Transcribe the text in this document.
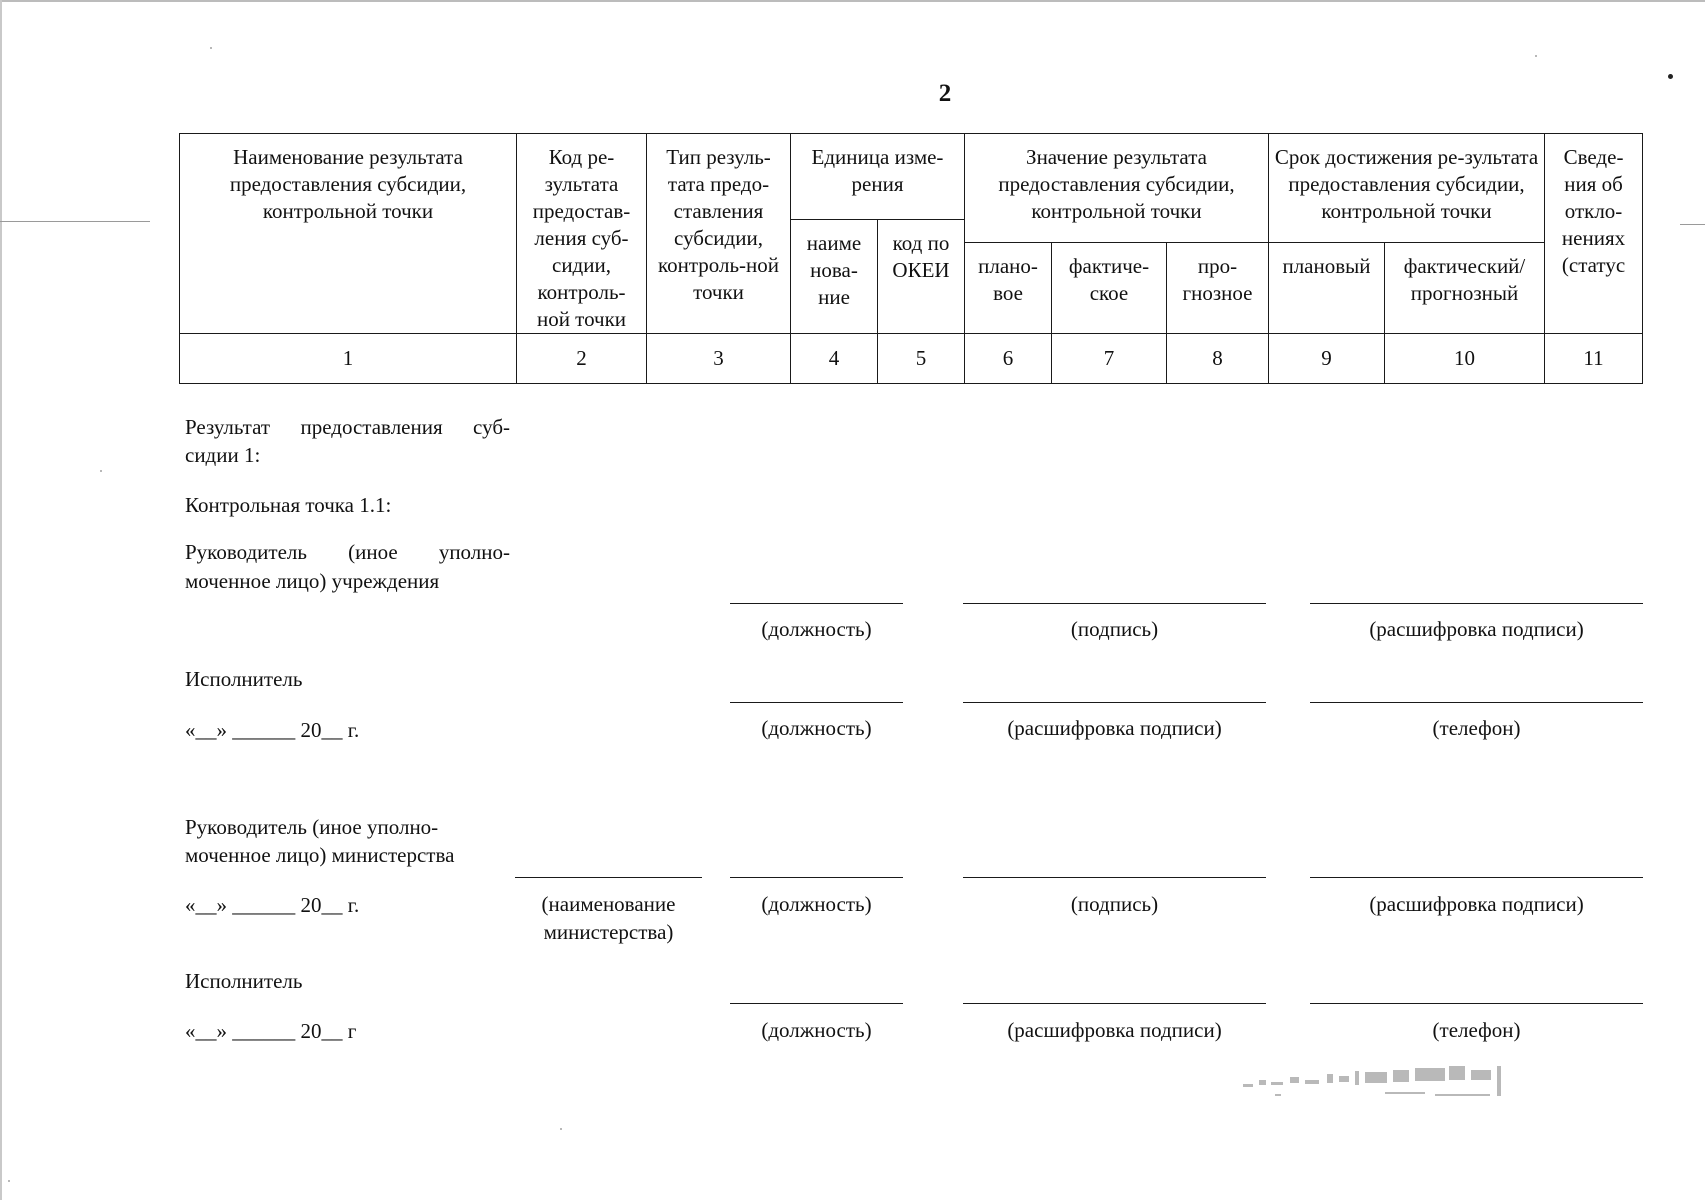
2
Наименование результата предоставления субсидии, контрольной точки	Код ре-зультата предостав-ления суб-сидии, контроль-ной точки	Тип резуль-тата предо-ставления субсидии, контроль-ной точки	Единица изме-рения		Значение результата предоставления субсидии, контрольной точки			Срок достижения ре-зультата предоставления субсидии, контрольной точки		Сведе-ния об откло-нениях (статус
			наиме нова-ние	код по ОКЕИ						
					плано-вое	фактиче-ское	про-гнозное	плановый	фактический/ прогнозный	
1	2	3	4	5	6	7	8	9	10	11
Результат предоставления суб-
сидии 1:
Контрольная точка 1.1:
Руководитель (иное уполно-
моченное лицо) учреждения
(должность)	(подпись)	(расшифровка подписи)
Исполнитель
«__» ______ 20__ г.	(должность)	(расшифровка подписи)	(телефон)
Руководитель (иное уполно-
моченное лицо) министерства
«__» ______ 20__ г.	(наименование
министерства)
(должность)	(подпись)	(расшифровка подписи)
Исполнитель
«__» ______ 20__ г	(должность)	(расшифровка подписи)	(телефон)
